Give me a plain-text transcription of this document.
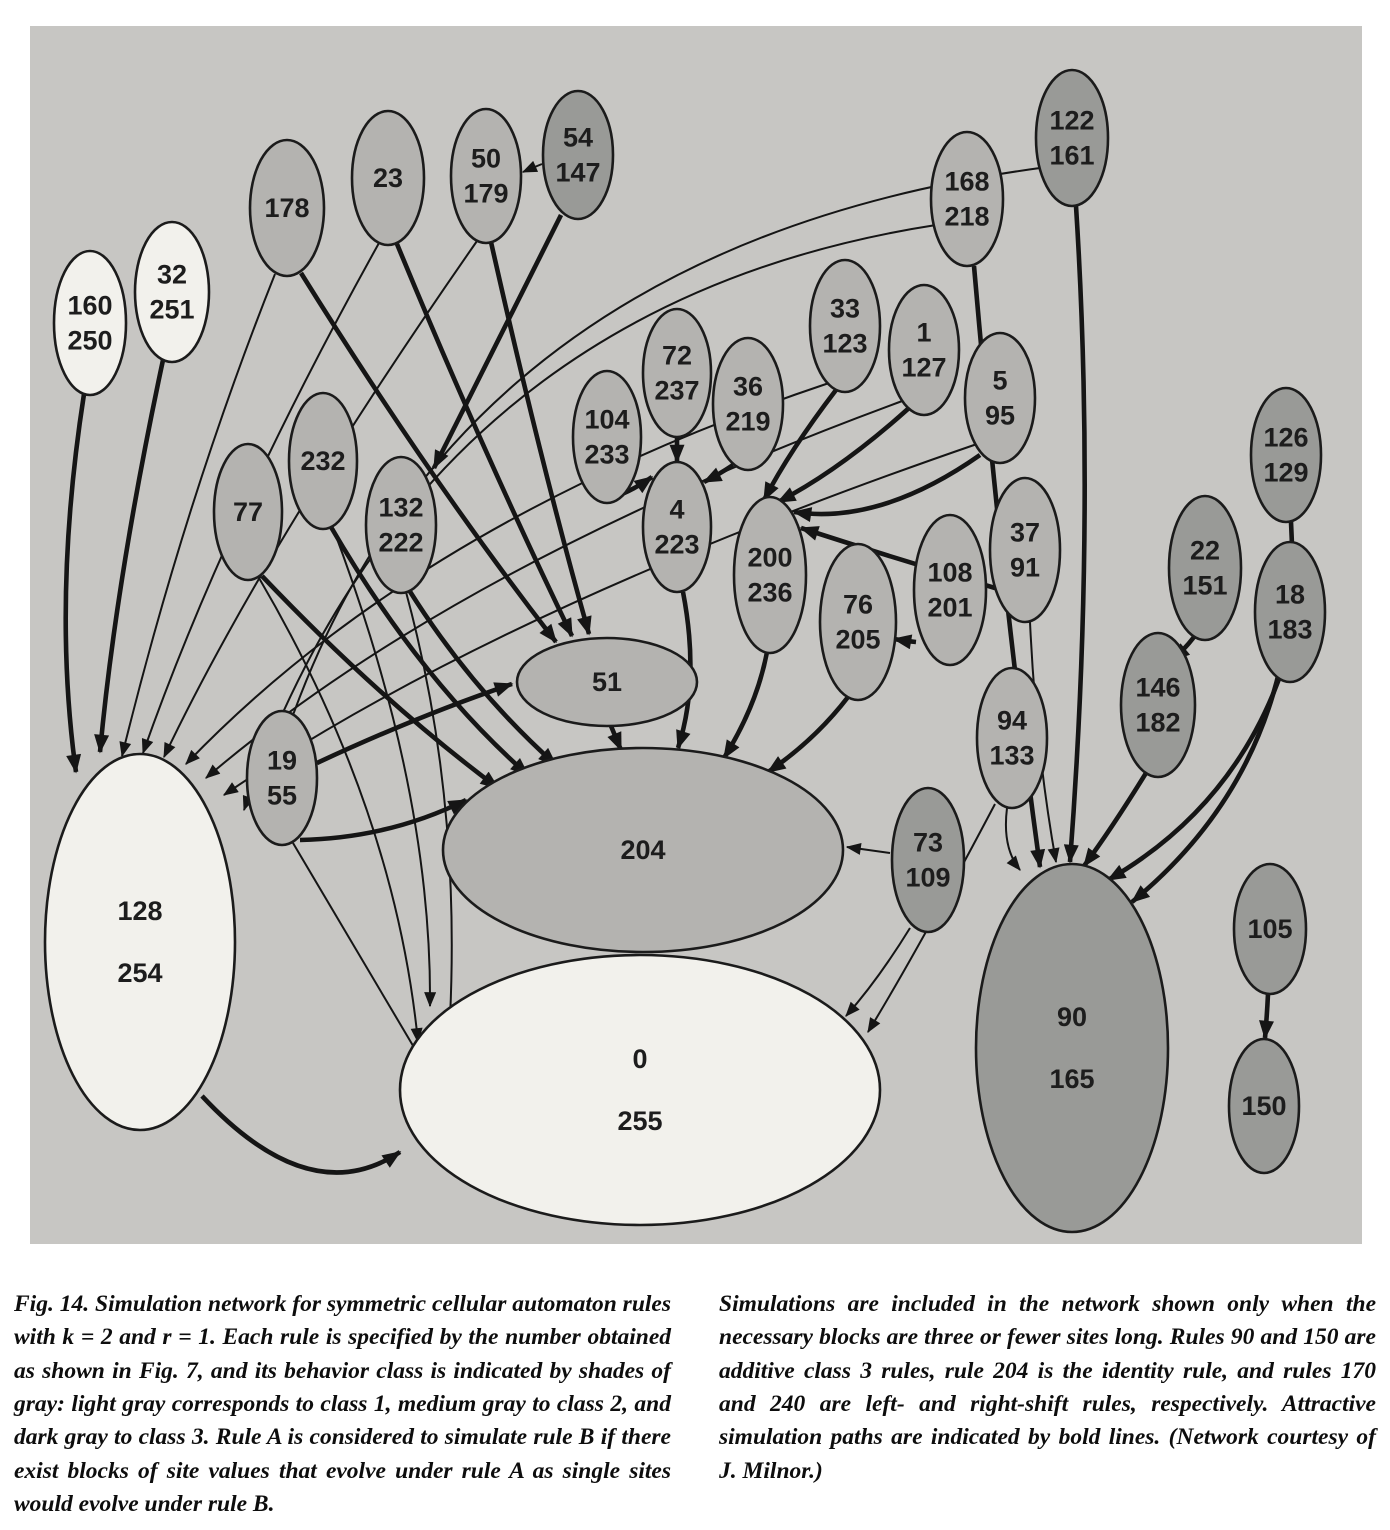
160 250
32 251
178
23
50 179
54 147	168 218
122 161
33 123	1 127
72 237
104 233
36 219
5 95
126 129
232
77	132 222
4 223 200 236 76 205
108 201
37 91
22 151 18 183
146 182
51
94 133
19 55
73 109
204
128 254
90 165
105
150
0 255

Fig. 14. Simulation network for symmetric cellular automaton rules with k = 2 and r = 1. Each rule is specified by the number obtained as shown in Fig. 7, and its behavior class is indicated by shades of gray: light gray corresponds to class 1, medium gray to class 2, and dark gray to class 3. Rule A is considered to simulate rule B if there exist blocks of site values that evolve under rule A as single sites would evolve under rule B.

Simulations are included in the network shown only when the necessary blocks are three or fewer sites long. Rules 90 and 150 are additive class 3 rules, rule 204 is the identity rule, and rules 170 and 240 are left- and right-shift rules, respectively. Attractive simulation paths are indicated by bold lines. (Network courtesy of J. Milnor.)
